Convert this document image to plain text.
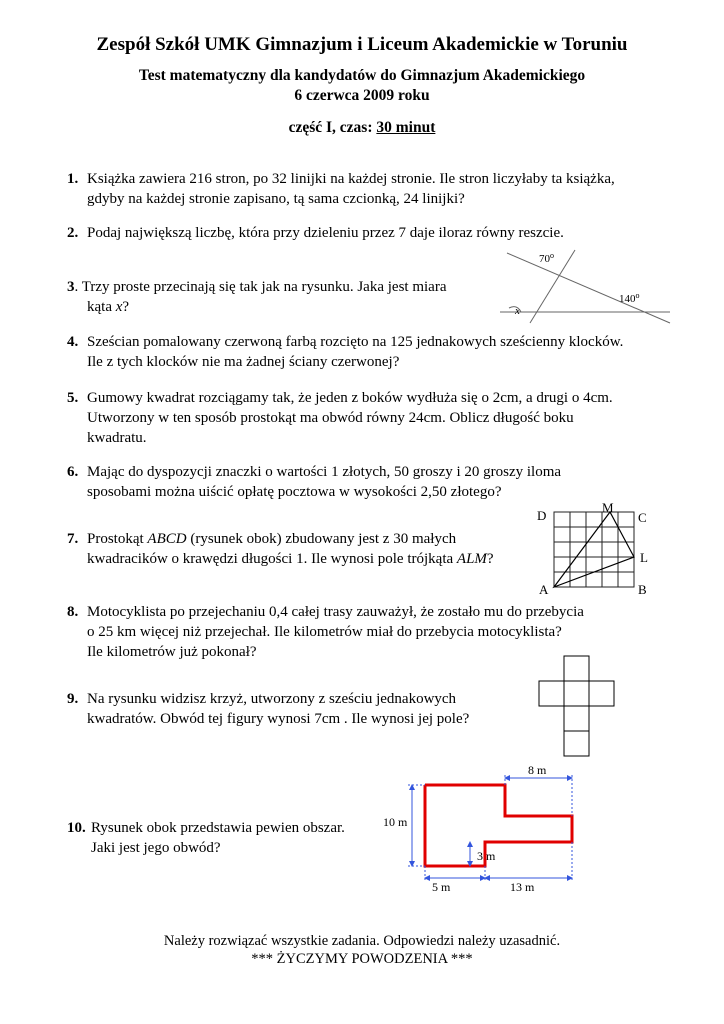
Zespół Szkół UMK Gimnazjum i Liceum Akademickie w Toruniu
Test matematyczny dla kandydatów do Gimnazjum Akademickiego
6 czerwca 2009 roku
część I, czas: 30 minut
1. Książka zawiera 216 stron, po 32 linijki na każdej stronie. Ile stron liczyłaby ta książka,
gdyby na każdej stronie zapisano, tą sama czcionką, 24 linijki?
2. Podaj największą liczbę, która przy dzieleniu przez 7 daje iloraz równy reszcie.
3. Trzy proste przecinają się tak jak na rysunku. Jaka jest miara
kąta x?
70$^o$
140$^o$
x
4. Sześcian pomalowany czerwoną farbą rozcięto na 125 jednakowych sześcienny klocków.
Ile z tych klocków nie ma żadnej ściany czerwonej?
5. Gumowy kwadrat rozciągamy tak, że jeden z boków wydłuża się o 2cm, a drugi o 4cm.
Utworzony w ten sposób prostokąt ma obwód równy 24cm. Oblicz długość boku
kwadratu.
6. Mając do dyspozycji znaczki o wartości 1 złotych, 50 groszy i 20 groszy iloma
sposobami można uiścić opłatę pocztowa w wysokości 2,50 złotego?
7. Prostokąt ABCD (rysunek obok) zbudowany jest z 30 małych
kwadracików o krawędzi długości 1. Ile wynosi pole trójkąta ALM?
D
M
C
L
A	B
8. Motocyklista po przejechaniu 0,4 całej trasy zauważył, że zostało mu do przebycia
o 25 km więcej niż przejechał. Ile kilometrów miał do przebycia motocyklista?
Ile kilometrów już pokonał?
9. Na rysunku widzisz krzyż, utworzony z sześciu jednakowych
kwadratów. Obwód tej figury wynosi 7cm . Ile wynosi jej pole?
10. Rysunek obok przedstawia pewien obszar.
Jaki jest jego obwód?
8 m
10 m
3 m
5 m	13 m
Należy rozwiązać wszystkie zadania. Odpowiedzi należy uzasadnić.
*** ŻYCZYMY POWODZENIA ***
